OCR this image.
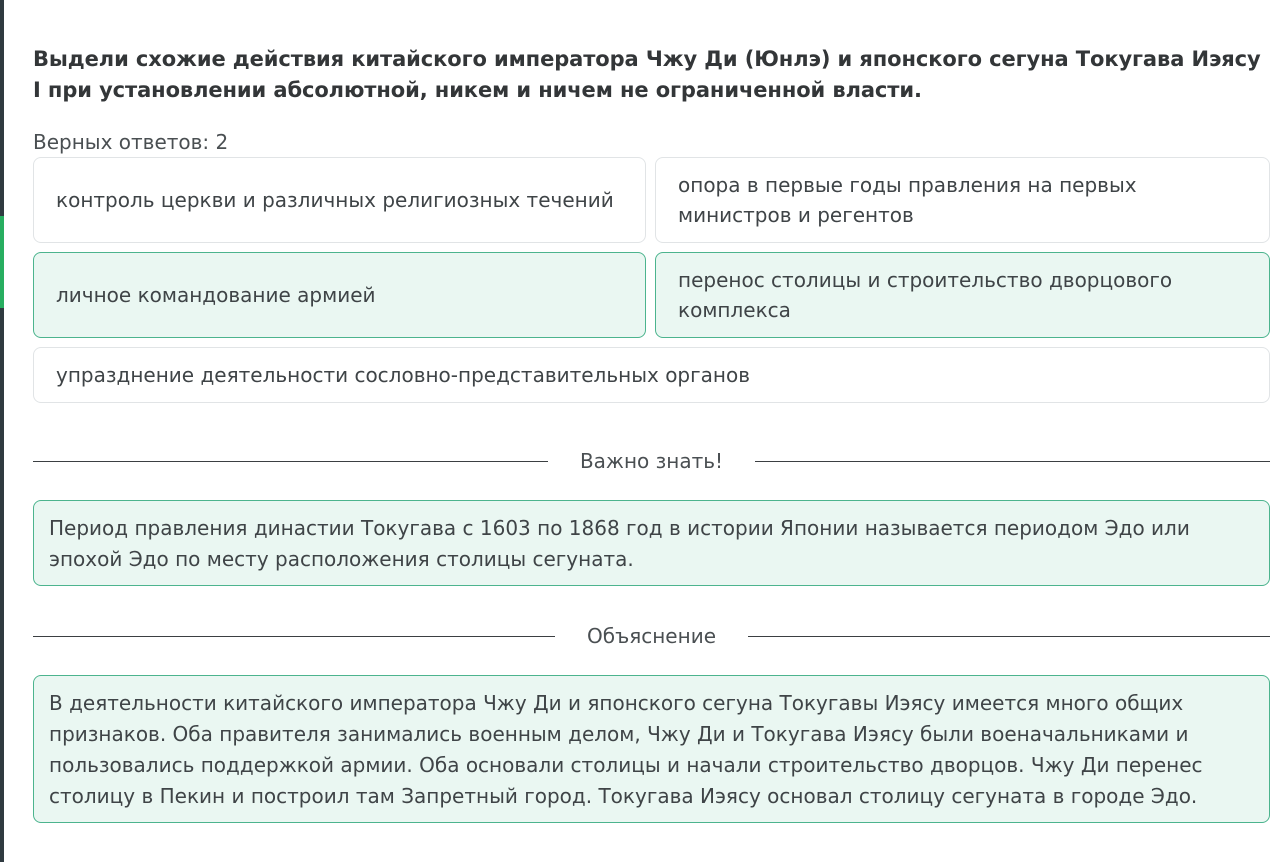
Выдели схожие действия китайского императора Чжу Ди (Юнлэ) и японского сегуна Токугава Иэясу I при установлении абсолютной, никем и ничем не ограниченной власти.
Верных ответов: 2
контроль церкви и различных религиозных течений
опора в первые годы правления на первых министров и регентов
личное командование армией
перенос столицы и строительство дворцового комплекса
упразднение деятельности сословно-представительных органов
Важно знать!
Период правления династии Токугава с 1603 по 1868 год в истории Японии называется периодом Эдо или эпохой Эдо по месту расположения столицы сегуната.
Объяснение
В деятельности китайского императора Чжу Ди и японского сегуна Токугавы Иэясу имеется много общих признаков. Оба правителя занимались военным делом, Чжу Ди и Токугава Иэясу были военачальниками и пользовались поддержкой армии. Оба основали столицы и начали строительство дворцов. Чжу Ди перенес столицу в Пекин и построил там Запретный город. Токугава Иэясу основал столицу сегуната в городе Эдо.
